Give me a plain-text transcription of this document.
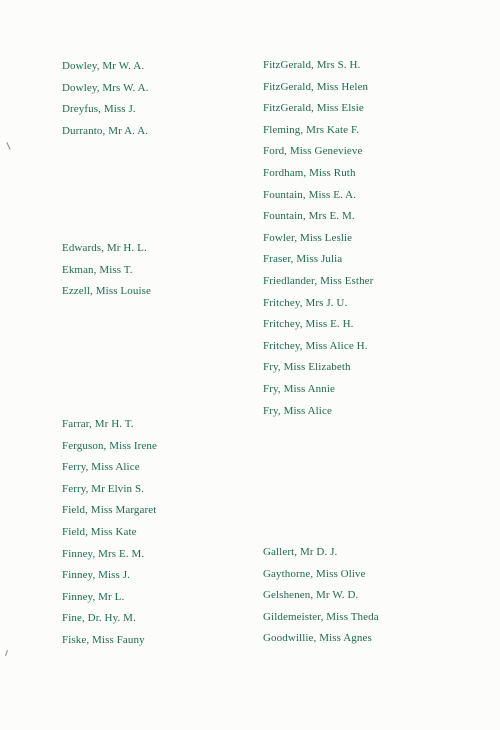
Dowley, Mr W. A.
Dowley, Mrs W. A.
Dreyfus, Miss J.
Durranto, Mr A. A.
Edwards, Mr H. L.
Ekman, Miss T.
Ezzell, Miss Louise
Farrar, Mr H. T.
Ferguson, Miss Irene
Ferry, Miss Alice
Ferry, Mr Elvin S.
Field, Miss Margaret
Field, Miss Kate
Finney, Mrs E. M.
Finney, Miss J.
Finney, Mr L.
Fine, Dr. Hy. M.
Fiske, Miss Fauny
FitzGerald, Mrs S. H.
FitzGerald, Miss Helen
FitzGerald, Miss Elsie
Fleming, Mrs Kate F.
Ford, Miss Genevieve
Fordham, Miss Ruth
Fountain, Miss E. A.
Fountain, Mrs E. M.
Fowler, Miss Leslie
Fraser, Miss Julia
Friedlander, Miss Esther
Fritchey, Mrs J. U.
Fritchey, Miss E. H.
Fritchey, Miss Alice H.
Fry, Miss Elizabeth
Fry, Miss Annie
Fry, Miss Alice
Gallert, Mr D. J.
Gaythorne, Miss Olive
Gelshenen, Mr W. D.
Gildemeister, Miss Theda
Goodwillie, Miss Agnes
